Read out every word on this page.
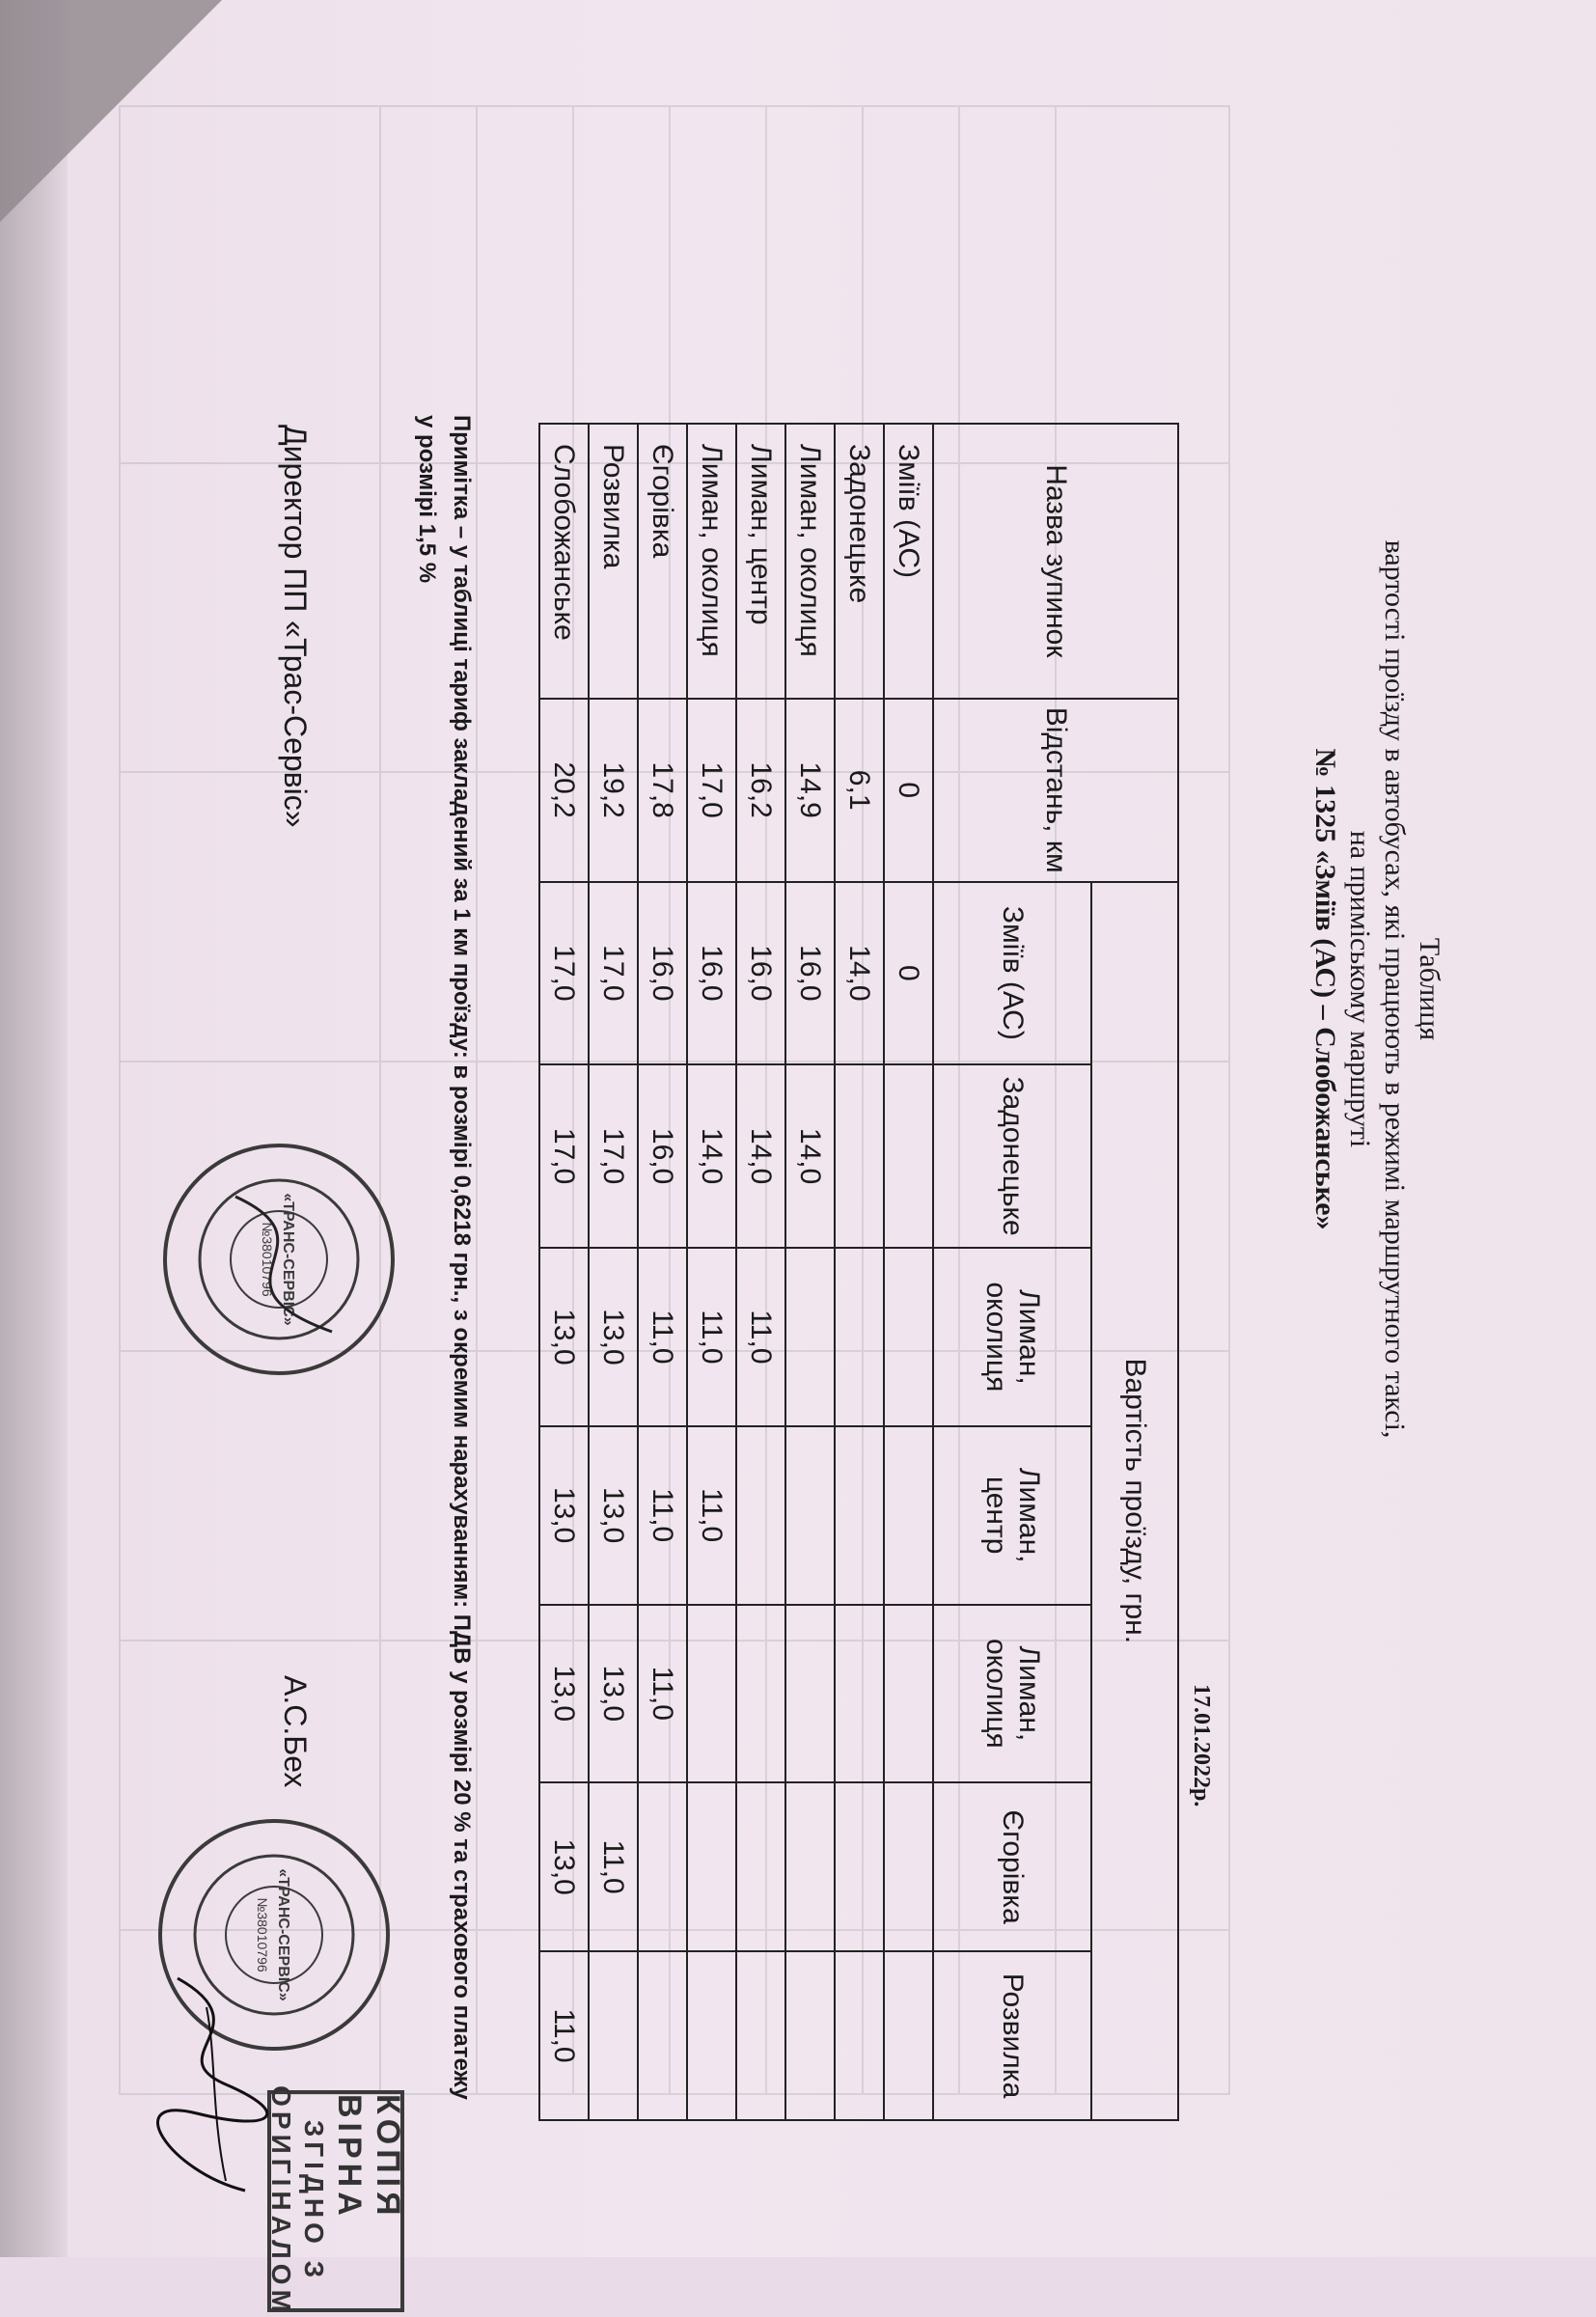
Таблиця
вартості проїзду в автобусах, які працюють в режимі маршрутного таксі,
на приміському маршруті
№ 1325 «Зміїв (АС) – Слобожанське»
17.01.2022р.
Назва зупинок	Відстань, км	Вартість проїзду, грн.						
		Зміїв (АС)	Задонецьке	Лиман, околиця	Лиман, центр	Лиман, околиця	Єгорівка	Розвилка
Зміїв (АС)	0	0						
Задонецьке	6,1	14,0						
Лиман, околиця	14,9	16,0	14,0					
Лиман, центр	16,2	16,0	14,0	11,0				
Лиман, околиця	17,0	16,0	14,0	11,0	11,0			
Єгорівка	17,8	16,0	16,0	11,0	11,0	11,0		
Розвилка	19,2	17,0	17,0	13,0	13,0	13,0	11,0	
Слобожанське	20,2	17,0	17,0	13,0	13,0	13,0	13,0	11,0
Примітка – у таблиці тариф закладений за 1 км проїзду: в розмірі 0,6218 грн., з окремим нарахуванням: ПДВ у розмірі 20 % та страхового платежу у розмірі 1,5 %
Директор ПП «Трас-Сервіс»
А.С.Бех
«ТРАНС-СЕРВІС»
№38010796
«ТРАНС-СЕРВІС»
№38010796
КОПІЯ ВІРНА
ЗГІДНО З
ОРИГІНАЛОМ
